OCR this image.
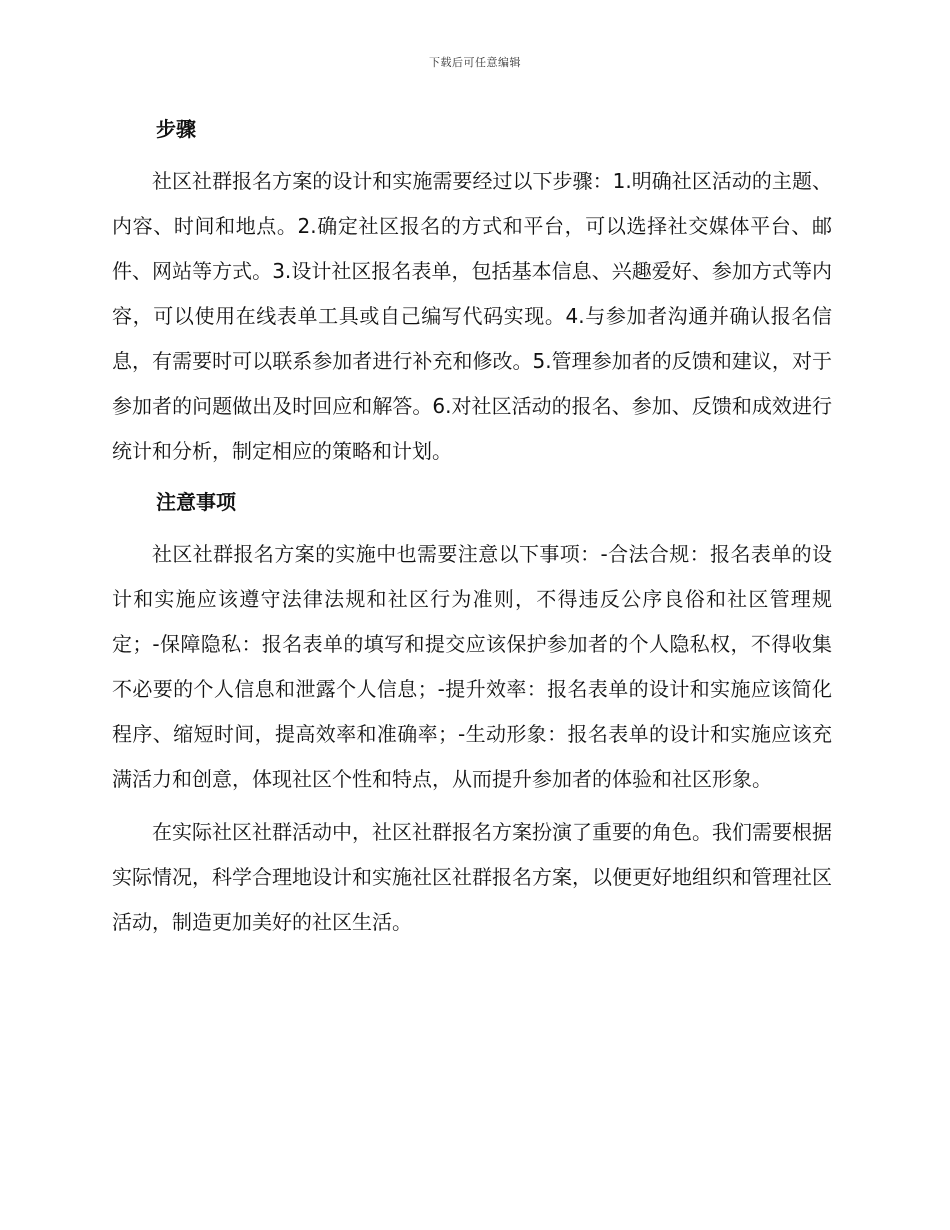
下载后可任意编辑
步骤

社区社群报名方案的设计和实施需要经过以下步骤：1.明确社区活动的主题、内容、时间和地点。2.确定社区报名的方式和平台，可以选择社交媒体平台、邮件、网站等方式。3.设计社区报名表单，包括基本信息、兴趣爱好、参加方式等内容，可以使用在线表单工具或自己编写代码实现。4.与参加者沟通并确认报名信息，有需要时可以联系参加者进行补充和修改。5.管理参加者的反馈和建议，对于参加者的问题做出及时回应和解答。6.对社区活动的报名、参加、反馈和成效进行统计和分析，制定相应的策略和计划。

注意事项

社区社群报名方案的实施中也需要注意以下事项：-合法合规：报名表单的设计和实施应该遵守法律法规和社区行为准则，不得违反公序良俗和社区管理规定；-保障隐私：报名表单的填写和提交应该保护参加者的个人隐私权，不得收集不必要的个人信息和泄露个人信息；-提升效率：报名表单的设计和实施应该简化程序、缩短时间，提高效率和准确率；-生动形象：报名表单的设计和实施应该充满活力和创意，体现社区个性和特点，从而提升参加者的体验和社区形象。

在实际社区社群活动中，社区社群报名方案扮演了重要的角色。我们需要根据实际情况，科学合理地设计和实施社区社群报名方案，以便更好地组织和管理社区活动，制造更加美好的社区生活。
